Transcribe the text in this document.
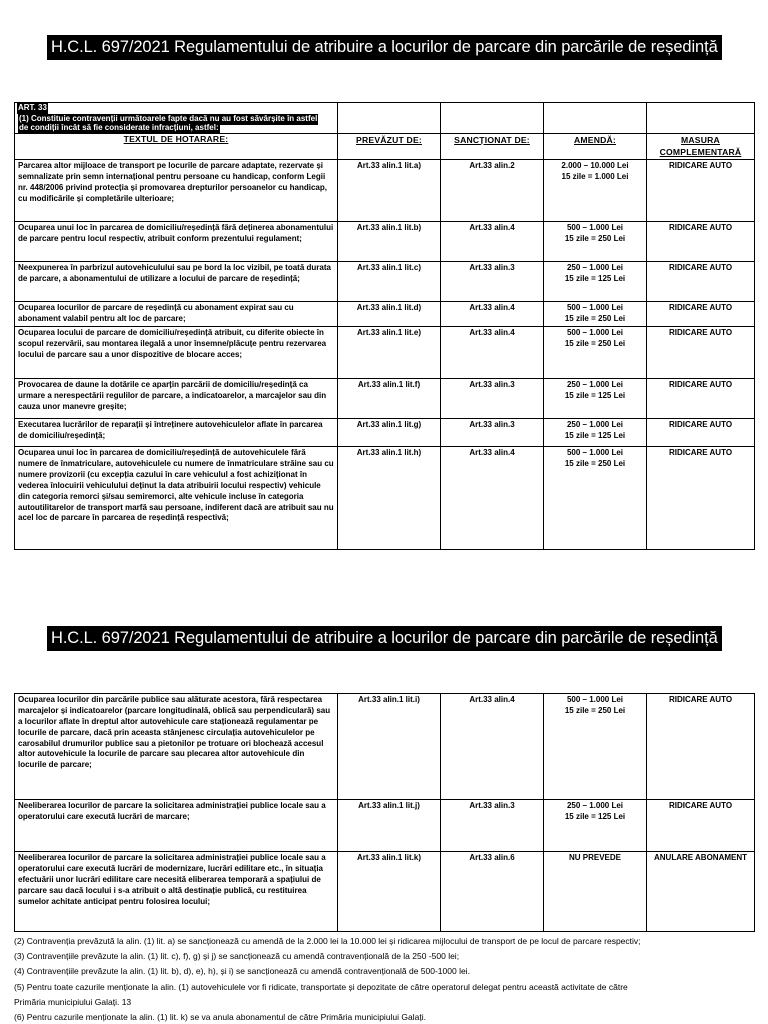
H.C.L. 697/2021 Regulamentului de atribuire a locurilor de parcare din parcările de reședință
ART. 33
(1) Constituie contravenții următoarele fapte dacă nu au fost săvârșite în astfel
de condiții încât să fie considerate infracțiuni, astfel:				

TEXTUL DE HOTARARE:	PREVĂZUT DE:	SANCȚIONAT DE:	AMENDĂ:	MASURA COMPLEMENTARĂ
Parcarea altor mijloace de transport pe locurile de parcare adaptate, rezervate și semnalizate prin semn internațional pentru persoane cu handicap, conform Legii nr. 448/2006 privind protecția și promovarea drepturilor persoanelor cu handicap, cu modificările și completările ulterioare;	Art.33 alin.1 lit.a)	Art.33 alin.2	2.000 – 10.000 Lei
15 zile = 1.000 Lei	RIDICARE AUTO
Ocuparea unui loc în parcarea de domiciliu/reședință fără deținerea abonamentului de parcare pentru locul respectiv, atribuit conform prezentului regulament;	Art.33 alin.1 lit.b)	Art.33 alin.4	500 – 1.000 Lei
15 zile = 250 Lei	RIDICARE AUTO
Neexpunerea în parbrizul autovehiculului sau pe bord la loc vizibil, pe toată durata de parcare, a abonamentului de utilizare a locului de parcare de reședință;	Art.33 alin.1 lit.c)	Art.33 alin.3	250 – 1.000 Lei
15 zile = 125 Lei	RIDICARE AUTO
Ocuparea locurilor de parcare de reședință cu abonament expirat sau cu abonament valabil pentru alt loc de parcare;	Art.33 alin.1 lit.d)	Art.33 alin.4	500 – 1.000 Lei
15 zile = 250 Lei	RIDICARE AUTO
Ocuparea locului de parcare de domiciliu/reședință atribuit, cu diferite obiecte în scopul rezervării, sau montarea ilegală a unor însemne/plăcuțe pentru rezervarea locului de parcare sau a unor dispozitive de blocare acces;	Art.33 alin.1 lit.e)	Art.33 alin.4	500 – 1.000 Lei
15 zile = 250 Lei	RIDICARE AUTO
Provocarea de daune la dotările ce aparțin parcării de domiciliu/reședință ca urmare a nerespectării regulilor de parcare, a indicatoarelor, a marcajelor sau din cauza unor manevre greșite;	Art.33 alin.1 lit.f)	Art.33 alin.3	250 – 1.000 Lei
15 zile = 125 Lei	RIDICARE AUTO
Executarea lucrărilor de reparații și întreținere autovehiculelor aflate în parcarea de domiciliu/reședință;	Art.33 alin.1 lit.g)	Art.33 alin.3	250 – 1.000 Lei
15 zile = 125 Lei	RIDICARE AUTO
Ocuparea unui loc în parcarea de domiciliu/reședință de autovehiculele fără numere de înmatriculare, autovehiculele cu numere de înmatriculare străine sau cu numere provizorii (cu excepția cazului în care vehiculul a fost achiziționat în vederea înlocuirii vehiculului deținut la data atribuirii locului respectiv) vehicule din categoria remorci și/sau semiremorci, alte vehicule incluse în categoria autoutilitarelor de transport marfă sau persoane, indiferent dacă are atribuit sau nu acel loc de parcare în parcarea de reședință respectivă;	Art.33 alin.1 lit.h)	Art.33 alin.4	500 – 1.000 Lei
15 zile = 250 Lei	RIDICARE AUTO
H.C.L. 697/2021 Regulamentului de atribuire a locurilor de parcare din parcările de reședință
Ocuparea locurilor din parcările publice sau alăturate acestora, fără respectarea marcajelor și indicatoarelor (parcare longitudinală, oblică sau perpendiculară) sau a locurilor aflate în dreptul altor autovehicule care staționează regulamentar pe locurile de parcare, dacă prin aceasta stânjenesc circulația autovehiculelor pe carosabilul drumurilor publice sau a pietonilor pe trotuare ori blochează accesul altor autovehicule la locurile de parcare sau plecarea altor autovehicule din locurile de parcare;	Art.33 alin.1 lit.i)	Art.33 alin.4	500 – 1.000 Lei
15 zile = 250 Lei	RIDICARE AUTO
Neeliberarea locurilor de parcare la solicitarea administrației publice locale sau a operatorului care execută lucrări de marcare;	Art.33 alin.1 lit.j)	Art.33 alin.3	250 – 1.000 Lei
15 zile = 125 Lei	RIDICARE AUTO
Neeliberarea locurilor de parcare la solicitarea administrației publice locale sau a operatorului care execută lucrări de modernizare, lucrări edilitare etc., în situația efectuării unor lucrări edilitare care necesită eliberarea temporară a spațiului de parcare sau dacă locului i s-a atribuit o altă destinație publică, cu restituirea sumelor achitate anticipat pentru folosirea locului;	Art.33 alin.1 lit.k)	Art.33 alin.6	NU PREVEDE	ANULARE ABONAMENT

(2) Contravenția prevăzută la alin. (1) lit. a) se sancționează cu amendă de la 2.000 lei la 10.000 lei și ridicarea mijlocului de transport de pe locul de parcare respectiv;

(3) Contravențiile prevăzute la alin. (1) lit. c), f), g) și j) se sancționează cu amendă contravențională de la 250 -500 lei;

(4) Contravențiile prevăzute la alin. (1) lit. b), d), e), h), și i) se sancționează cu amendă contravențională de 500-1000 lei.

(5) Pentru toate cazurile menționate la alin. (1) autovehiculele vor fi ridicate, transportate și depozitate de către operatorul delegat pentru această activitate de către

Primăria municipiului Galați. 13

(6) Pentru cazurile menționate la alin. (1) lit. k) se va anula abonamentul de către Primăria municipiului Galați.
